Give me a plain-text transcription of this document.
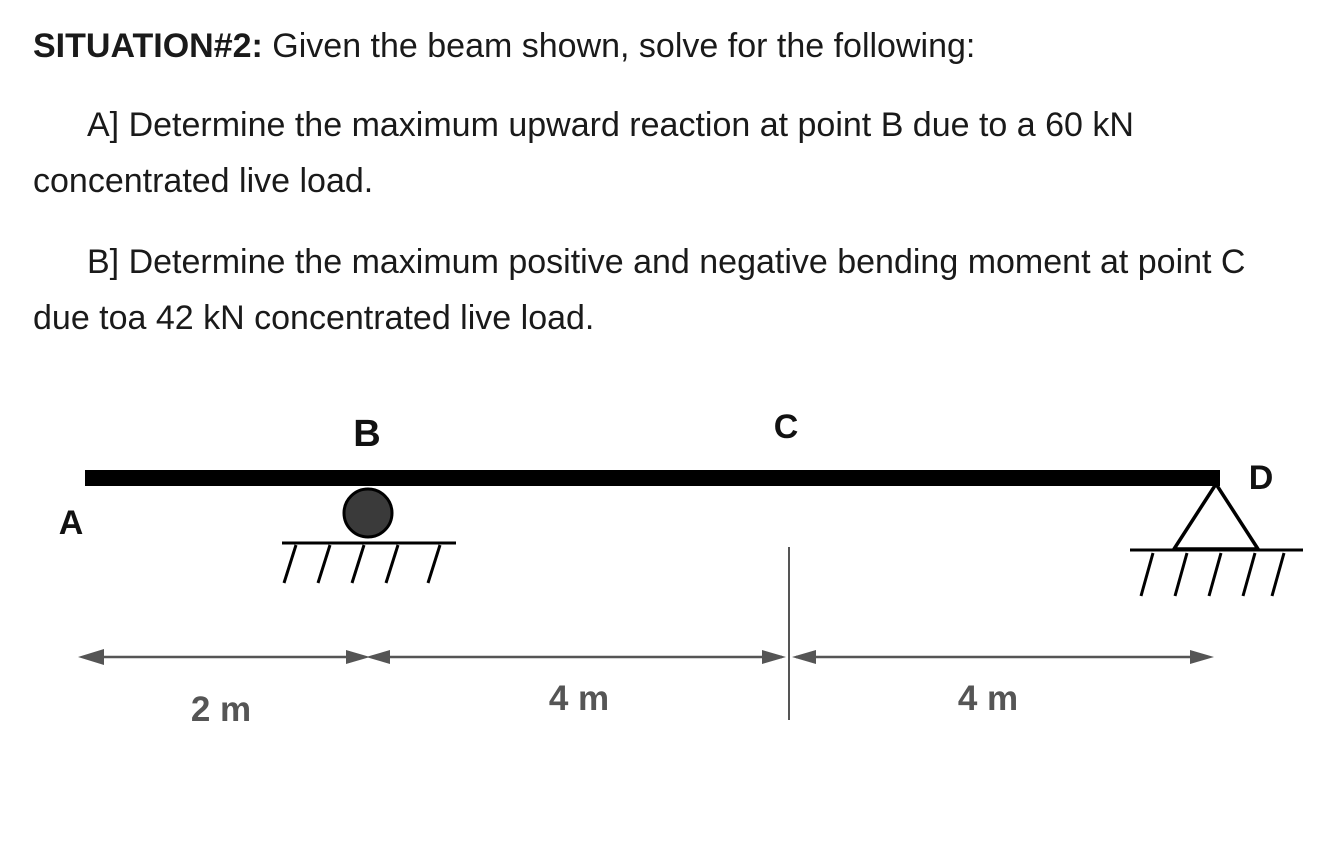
SITUATION#2: Given the beam shown, solve for the following:
A] Determine the maximum upward reaction at point B due to a 60 kN concentrated live load.
B] Determine the maximum positive and negative bending moment at point C due toa 42 kN concentrated live load.
A
B	C
D
2 m	4 m	4 m
